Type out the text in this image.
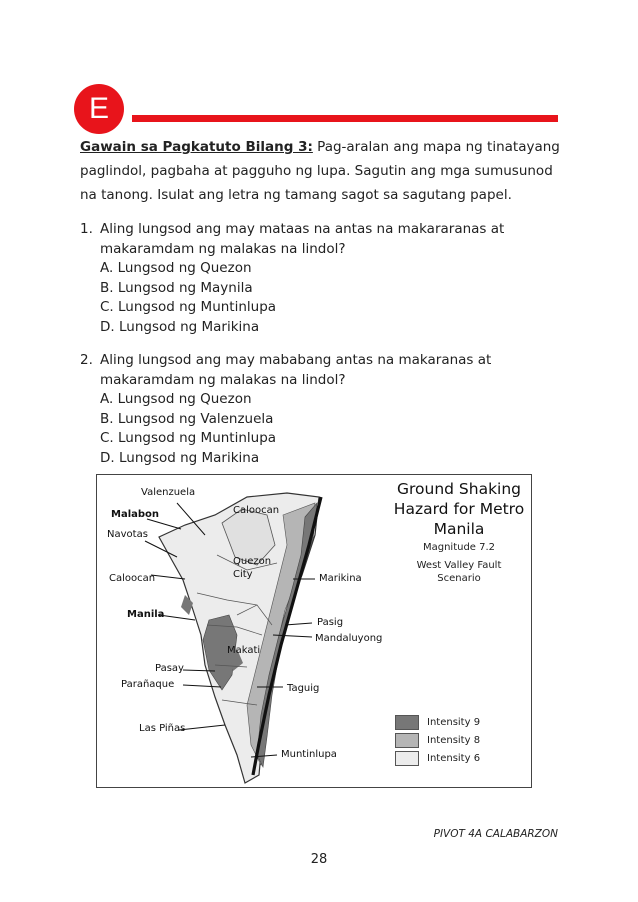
E
Gawain sa Pagkatuto Bilang 3: Pag-aralan ang mapa ng tinatayang paglindol, pagbaha at pagguho ng lupa. Sagutin ang mga sumusunod na tanong. Isulat ang letra ng tamang sagot sa sagutang papel.
1. Aling lungsod ang may mataas na antas na makararanas at makaramdam ng malakas na lindol?
A. Lungsod ng Quezon
B. Lungsod ng Maynila
C. Lungsod ng Muntinlupa
D. Lungsod ng Marikina
2. Aling lungsod ang may mababang antas na makaranas at makaramdam ng malakas na lindol?
A. Lungsod ng Quezon
B. Lungsod ng Valenzuela
C. Lungsod ng Muntinlupa
D. Lungsod ng Marikina
Valenzuela
Malabon
Navotas
Caloocan
Quezon City
Caloocan	Marikina
Manila
Pasig
Mandaluyong
Makati
Pasay
Parañaque	Taguig
Las Piñas
Muntinlupa
Ground Shaking Hazard for Metro Manila
Magnitude 7.2
West Valley Fault Scenario
Intensity 9
Intensity 8
Intensity 6
PIVOT 4A CALABARZON
28
